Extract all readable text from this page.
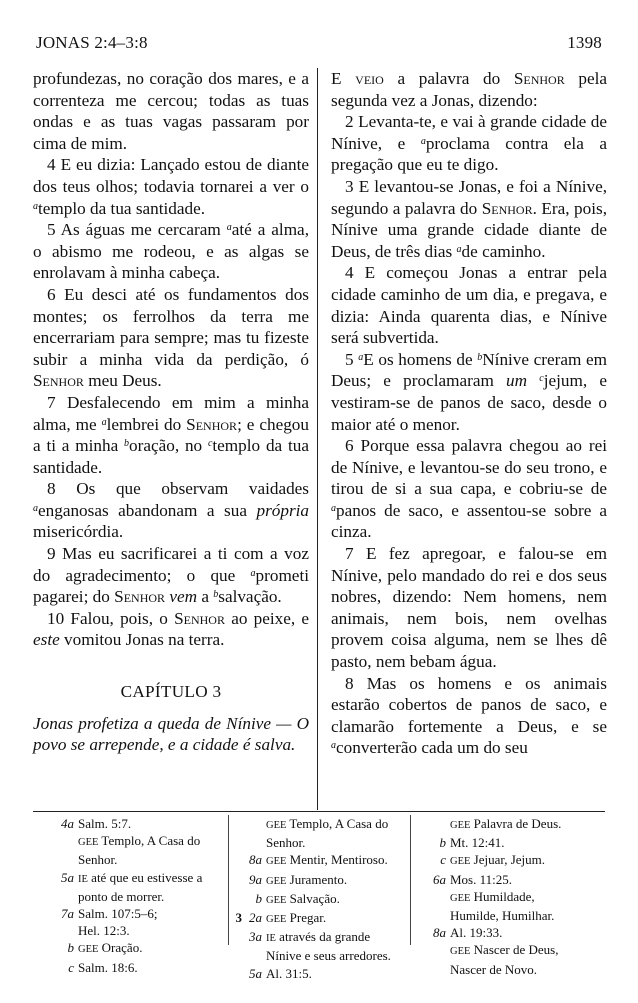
JONAS 2:4–3:8	1398

profundezas, no coração dos mares, e a correnteza me cercou; todas as tuas ondas e as tuas vagas passaram por cima de mim.

4 E eu dizia: Lançado estou de diante dos teus olhos; todavia tornarei a ver o $^a$templo da tua santidade.

5 As águas me cercaram $^a$até a alma, o abismo me rodeou, e as algas se enrolavam à minha cabeça.

6 Eu desci até os fundamentos dos montes; os ferrolhos da terra me encerrariam para sempre; mas tu fizeste subir a minha vida da perdição, ó Senhor meu Deus.

7 Desfalecendo em mim a minha alma, me $^a$lembrei do Senhor; e chegou a ti a minha $^b$oração, no $^c$templo da tua santidade.

8 Os que observam vaidades $^a$enganosas abandonam a sua própria misericórdia.

9 Mas eu sacrificarei a ti com a voz do agradecimento; o que $^a$prometi pagarei; do Senhor vem a $^b$salvação.

10 Falou, pois, o Senhor ao peixe, e este vomitou Jonas na terra.

CAPÍTULO 3

Jonas profetiza a queda de Nínive — O povo se arrepende, e a cidade é salva.

E veio a palavra do Senhor pela segunda vez a Jonas, dizendo:

2 Levanta-te, e vai à grande cidade de Nínive, e $^a$proclama contra ela a pregação que eu te digo.

3 E levantou-se Jonas, e foi a Nínive, segundo a palavra do Senhor. Era, pois, Nínive uma grande cidade diante de Deus, de três dias $^a$de caminho.

4 E começou Jonas a entrar pela cidade caminho de um dia, e pregava, e dizia: Ainda quarenta dias, e Nínive será subvertida.

5 $^a$E os homens de $^b$Nínive creram em Deus; e proclamaram um $^c$jejum, e vestiram-se de panos de saco, desde o maior até o menor.

6 Porque essa palavra chegou ao rei de Nínive, e levantou-se do seu trono, e tirou de si a sua capa, e cobriu-se de $^a$panos de saco, e assentou-se sobre a cinza.

7 E fez apregoar, e falou-se em Nínive, pelo mandado do rei e dos seus nobres, dizendo: Nem homens, nem animais, nem bois, nem ovelhas provem coisa alguma, nem se lhes dê pasto, nem bebam água.

8 Mas os homens e os animais estarão cobertos de panos de saco, e clamarão fortemente a Deus, e se $^a$converterão cada um do seu

4a Salm. 5:7.
GEE Templo, A Casa do
Senhor.
5a IE até que eu estivesse a
ponto de morrer.
7a Salm. 107:5–6;
Hel. 12:3.
b GEE Oração.
c Salm. 18:6.
GEE Templo, A Casa do
Senhor.
8a GEE Mentir, Mentiroso.
9a GEE Juramento.
b GEE Salvação.
3 2a GEE Pregar.
3a IE através da grande
Nínive e seus arredores.
5a Al. 31:5.
GEE Palavra de Deus.
b Mt. 12:41.
c GEE Jejuar, Jejum.
6a Mos. 11:25.
GEE Humildade,
Humilde, Humilhar.
8a Al. 19:33.
GEE Nascer de Deus,
Nascer de Novo.
